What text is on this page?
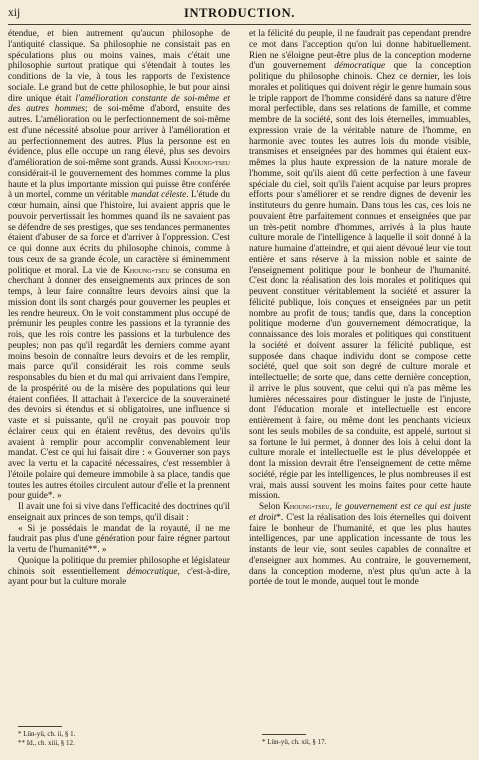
xij	INTRODUCTION.

étendue, et bien autrement qu'aucun philosophe de l'antiquité classique. Sa philosophie ne consistait pas en spéculations plus ou moins vaines, mais c'était une philosophie surtout pratique qui s'étendait à toutes les conditions de la vie, à tous les rapports de l'existence sociale. Le grand but de cette philosophie, le but pour ainsi dire unique était l'amélioration constante de soi-même et des autres hommes; de soi-même d'abord, ensuite des autres. L'amélioration ou le perfectionnement de soi-même est d'une nécessité absolue pour arriver à l'amélioration et au perfectionnement des autres. Plus la personne est en évidence, plus elle occupe un rang élevé, plus ses devoirs d'amélioration de soi-même sont grands. Aussi Khoung-tseu considérait-il le gouvernement des hommes comme la plus haute et la plus importante mission qui puisse être conférée à un mortel, comme un véritable mandat céleste. L'étude du cœur humain, ainsi que l'histoire, lui avaient appris que le pouvoir pervertissait les hommes quand ils ne savaient pas se défendre de ses prestiges, que ses tendances permanentes étaient d'abuser de sa force et d'arriver à l'oppression. C'est ce qui donne aux écrits du philosophe chinois, comme à tous ceux de sa grande école, un caractère si éminemment politique et moral. La vie de Khoung-tseu se consuma en cherchant à donner des enseignements aux princes de son temps, à leur faire connaître leurs devoirs ainsi que la mission dont ils sont chargés pour gouverner les peuples et les rendre heureux. On le voit constamment plus occupé de prémunir les peuples contre les passions et la tyrannie des rois, que les rois contre les passions et la turbulence des peuples; non pas qu'il regardât les derniers comme ayant moins besoin de connaître leurs devoirs et de les remplir, mais parce qu'il considérait les rois comme seuls responsables du bien et du mal qui arrivaient dans l'empire, de la prospérité ou de la misère des populations qui leur étaient confiées. Il attachait à l'exercice de la souveraineté des devoirs si étendus et si obligatoires, une influence si vaste et si puissante, qu'il ne croyait pas pouvoir trop éclairer ceux qui en étaient revêtus, des devoirs qu'ils avaient à remplir pour accomplir convenablement leur mandat. C'est ce qui lui faisait dire : « Gouverner son pays avec la vertu et la capacité nécessaires, c'est ressembler à l'étoile polaire qui demeure immobile à sa place, tandis que toutes les autres étoiles circulent autour d'elle et la prennent pour guide*. »

Il avait une foi si vive dans l'efficacité des doctrines qu'il enseignait aux princes de son temps, qu'il disait :

« Si je possédais le mandat de la royauté, il ne me faudrait pas plus d'une génération pour faire régner partout la vertu de l'humanité**. »

Quoique la politique du premier philosophe et législateur chinois soit essentiellement démocratique, c'est-à-dire, ayant pour but la culture morale

et la félicité du peuple, il ne faudrait pas cependant prendre ce mot dans l'acception qu'on lui donne habituellement. Rien ne s'éloigne peut-être plus de la conception moderne d'un gouvernement démocratique que la conception politique du philosophe chinois. Chez ce dernier, les lois morales et politiques qui doivent régir le genre humain sous le triple rapport de l'homme considéré dans sa nature d'être moral perfectible, dans ses relations de famille, et comme membre de la société, sont des lois éternelles, immuables, expression vraie de la véritable nature de l'homme, en harmonie avec toutes les autres lois du monde visible, transmises et enseignées par des hommes qui étaient eux-mêmes la plus haute expression de la nature morale de l'homme, soit qu'ils aient dû cette perfection à une faveur spéciale du ciel, soit qu'ils l'aient acquise par leurs propres efforts pour s'améliorer et se rendre dignes de devenir les instituteurs du genre humain. Dans tous les cas, ces lois ne pouvaient être parfaitement connues et enseignées que par un très-petit nombre d'hommes, arrivés à la plus haute culture morale de l'intelligence à laquelle il soit donné à la nature humaine d'atteindre, et qui aient dévoué leur vie tout entière et sans réserve à la mission noble et sainte de l'enseignement politique pour le bonheur de l'humanité. C'est donc la réalisation des lois morales et politiques qui peuvent constituer véritablement la société et assurer la félicité publique, lois conçues et enseignées par un petit nombre au profit de tous; tandis que, dans la conception politique moderne d'un gouvernement démocratique, la connaissance des lois morales et politiques qui constituent la société et doivent assurer la félicité publique, est supposée dans chaque individu dont se compose cette société, quel que soit son degré de culture morale et intellectuelle; de sorte que, dans cette dernière conception, il arrive le plus souvent, que celui qui n'a pas même les lumières nécessaires pour distinguer le juste de l'injuste, dont l'éducation morale et intellectuelle est encore entièrement à faire, ou même dont les penchants vicieux sont les seuls mobiles de sa conduite, est appelé, surtout si sa fortune le lui permet, à donner des lois à celui dont la culture morale et intellectuelle est le plus développée et dont la mission devrait être l'enseignement de cette même société, régie par les intelligences, le plus nombreuses il est vrai, mais aussi souvent les moins faites pour cette haute mission.

Selon Khoung-tseu, le gouvernement est ce qui est juste et droit*. C'est la réalisation des lois éternelles qui doivent faire le bonheur de l'humanité, et que les plus hautes intelligences, par une application incessante de tous les instants de leur vie, sont seules capables de connaître et d'enseigner aux hommes. Au contraire, le gouvernement, dans la conception moderne, n'est plus qu'un acte à la portée de tout le monde, auquel tout le monde

* Lün-yü, ch. ii, § 1.
** Id., ch. xiii, § 12.	* Lün-yü, ch. xii, § 17.
